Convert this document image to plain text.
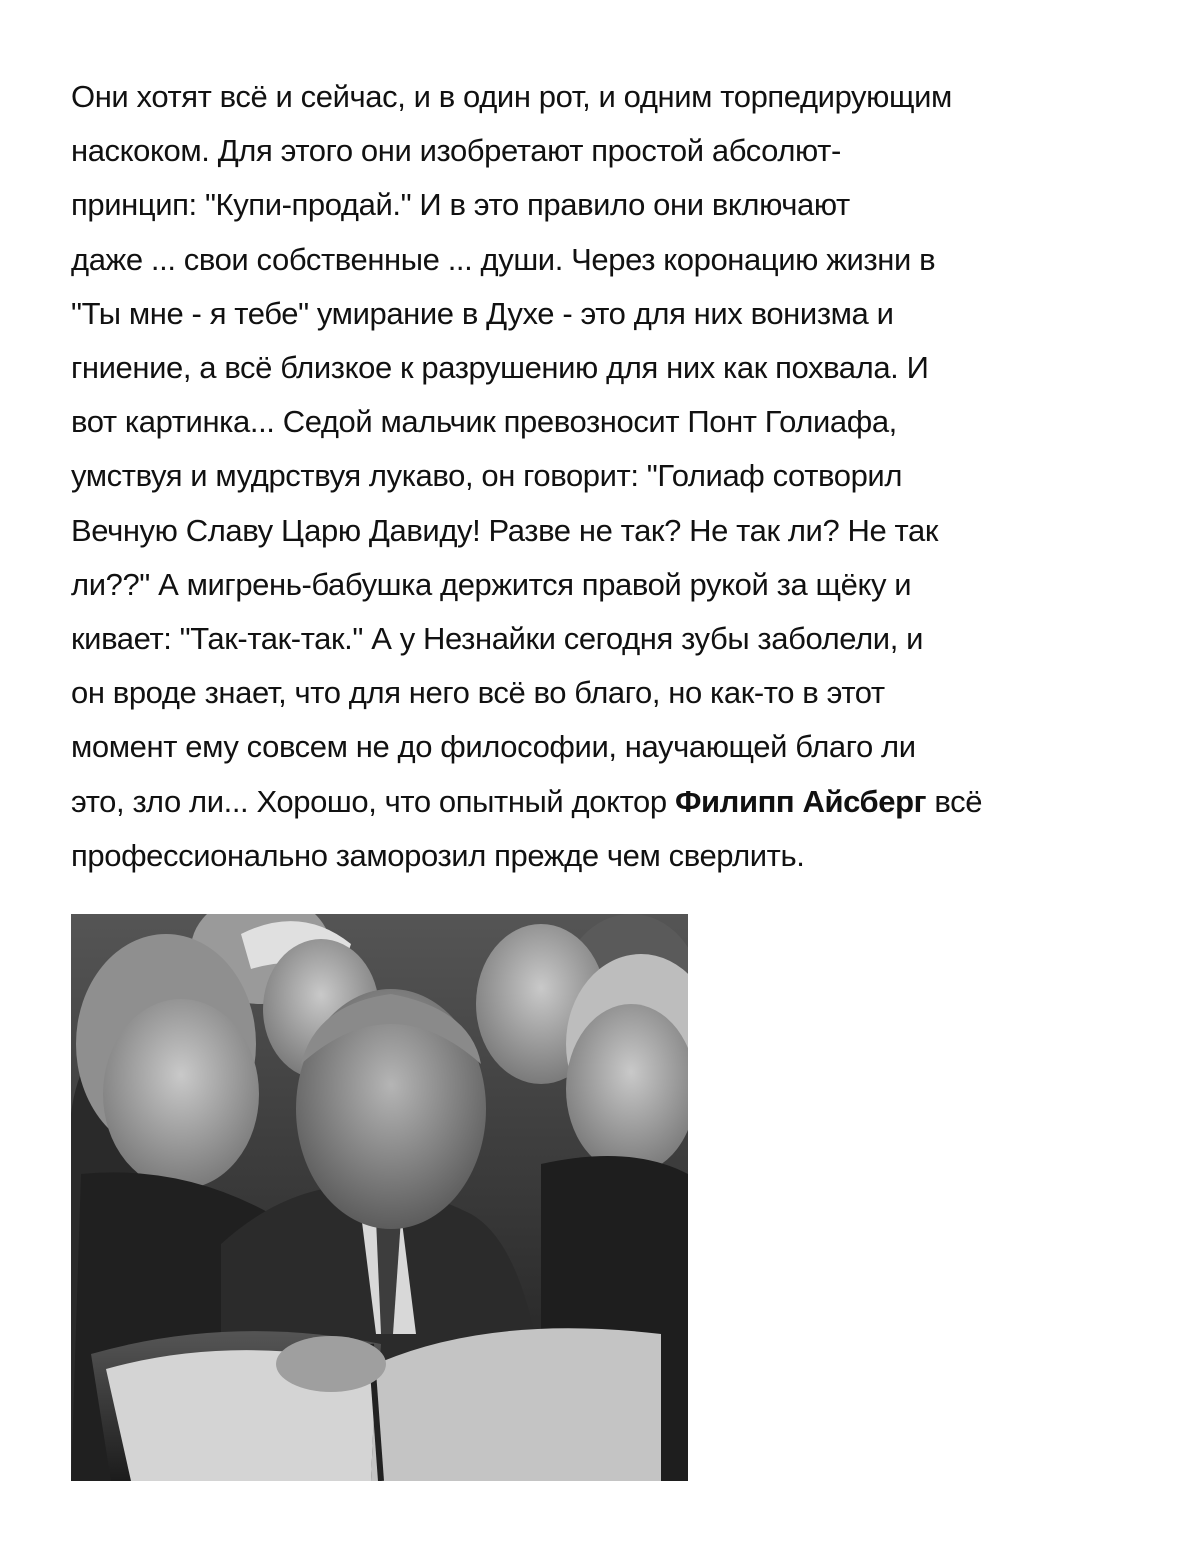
Они хотят всё и сейчас, и в один рот, и одним торпедирующим
наскоком. Для этого они изобретают простой абсолют-
принцип: "Купи-продай." И в это правило они включают
даже ... свои собственные ... души. Через коронацию жизни в
"Ты мне - я тебе" умирание в Духе - это для них вонизма и
гниение, а всё близкое к разрушению для них как похвала. И
вот картинка... Седой мальчик превозносит Понт Голиафа,
умствуя и мудрствуя лукаво, он говорит: "Голиаф сотворил
Вечную Славу Царю Давиду! Разве не так? Не так ли? Не так
ли??" А мигрень-бабушка держится правой рукой за щёку и
кивает: "Так-так-так." А у Незнайки сегодня зубы заболели, и
он вроде знает, что для него всё во благо, но как-то в этот
момент ему совсем не до философии, научающей благо ли
это, зло ли... Хорошо, что опытный доктор Филипп Айсберг всё
профессионально заморозил прежде чем сверлить.
